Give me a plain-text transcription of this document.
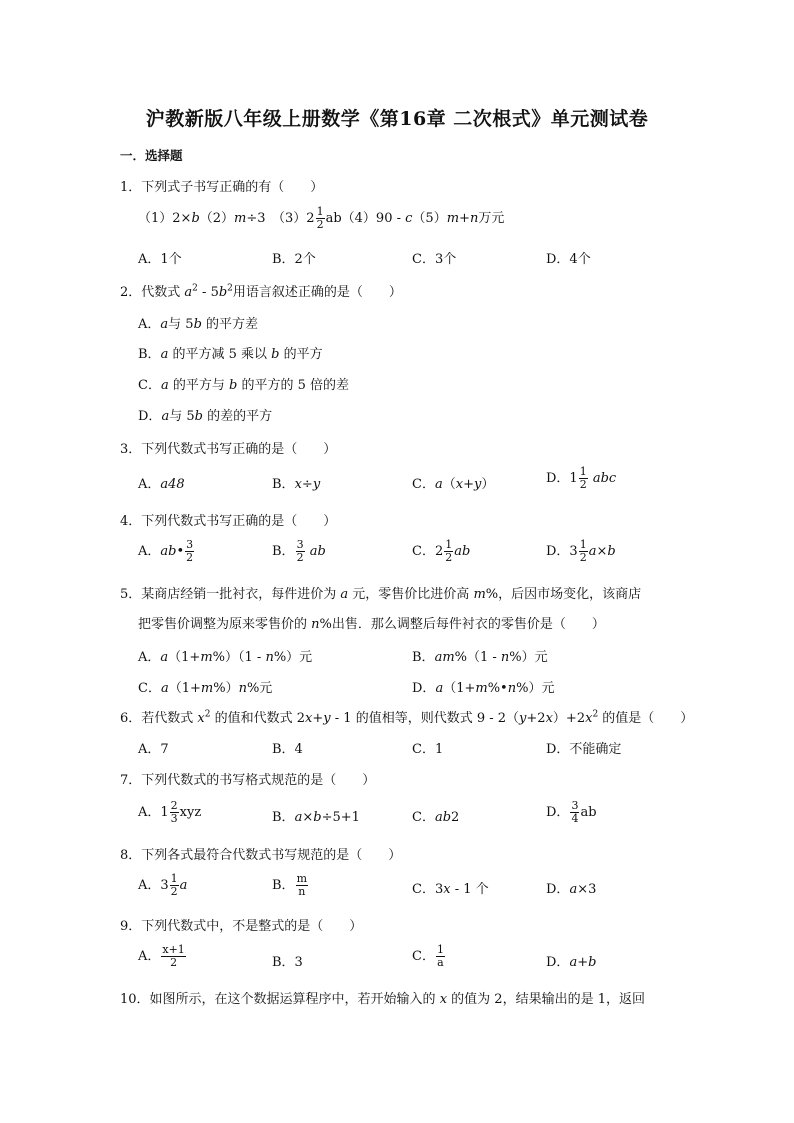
沪教新版八年级上册数学《第16章 二次根式》单元测试卷
一．选择题
1．下列式子书写正确的有（　　）
（1）2×b（2）m÷3　$(3)2 \frac{1}{2} ab(4)90 - c(5)m+n$万元
A．1个	B．2个	C．3个	D．4个
2．代数式 $a^2 - 5b^2$用语言叙述正确的是（　　）
A．a与 5b 的平方差
B．a 的平方减 5 乘以 b 的平方
C．a 的平方与 b 的平方的 5 倍的差
D．a与 5b 的差的平方
3．下列代数式书写正确的是（　　）
A．a48	B．x÷y	C．a（x+y）	D．$1 \frac{1}{2}$ abc
4．下列代数式书写正确的是（　　）
A．ab• $\frac{3}{2}$	B． $\frac{3}{2}$ ab	C．$2 \frac{1}{2}$ ab	D．$3 \frac{1}{2} a\times b$
5．某商店经销一批衬衣，每件进价为 a 元，零售价比进价高 m%，后因市场变化，该商店
把零售价调整为原来零售价的 n%出售．那么调整后每件衬衣的零售价是（　　）
A．a（1+m%）（1 - n%）元	B．am%（1 - n%）元
C．a（1+m%）n%元	D．a（1+m%•n%）元
6．若代数式 $x^2$ 的值和代数式 2x+y - 1 的值相等，则代数式 $9 - 2(y+2x)+2x^2$ 的值是（　　）
A．7	B．4	C．1	D．不能确定
7．下列代数式的书写格式规范的是（　　）
A．$1 \frac{2}{3}$ xyz	B．a×b÷5+1	C．ab2	D． $\frac{3}{4}$ ab
8．下列各式最符合代数式书写规范的是（　　）
A．$3 \frac{1}{2}$ a	B． $\frac{m}{n}$	C．3x - 1 个	D．a×3
9．下列代数式中，不是整式的是（　　）
A． $\frac{x+1}{2}$	B．3	C． $\frac{1}{a}$	D．a+b
10．如图所示，在这个数据运算程序中，若开始输入的 x 的值为 2，结果输出的是 1，返回
